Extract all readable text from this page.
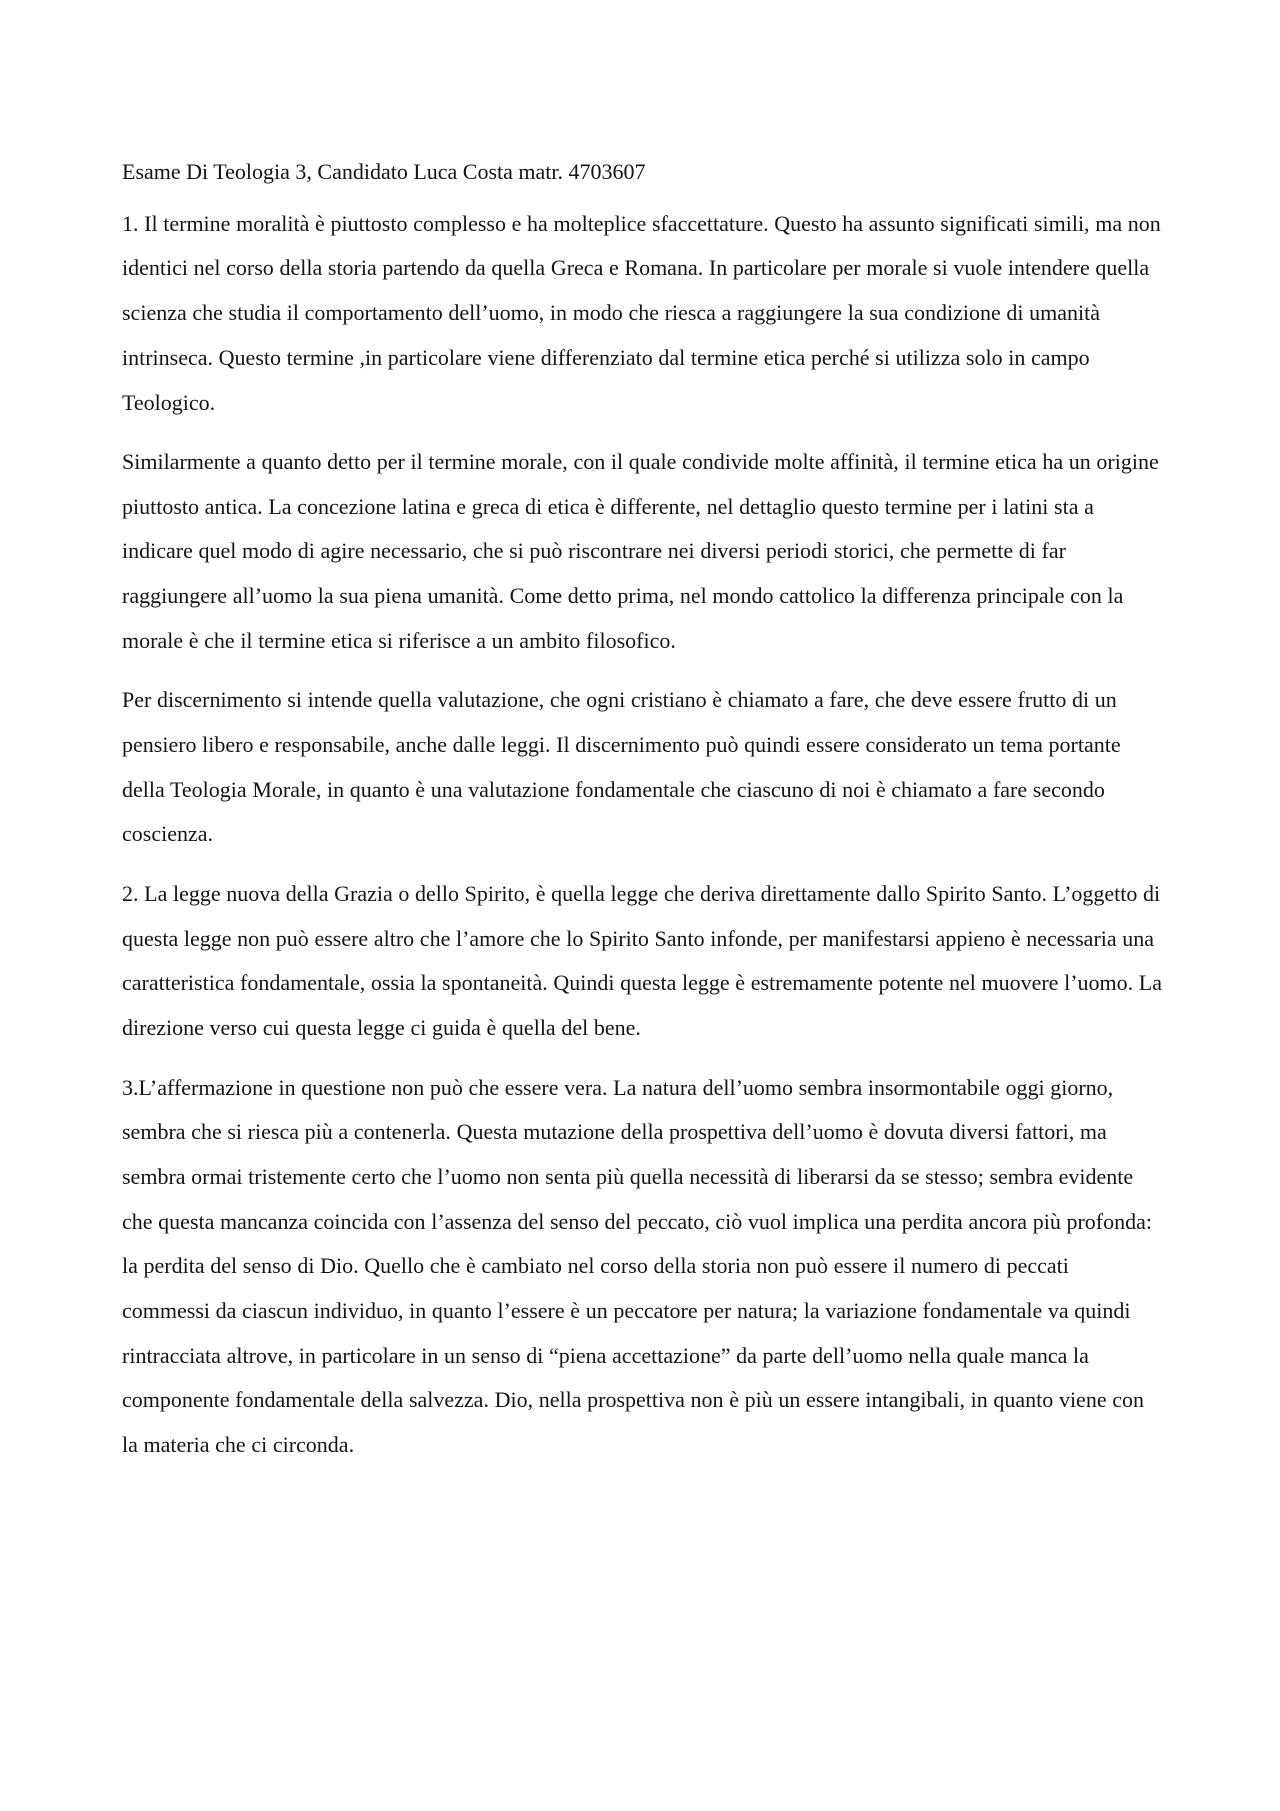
Esame Di Teologia 3, Candidato Luca Costa matr. 4703607

1. Il termine moralità è piuttosto complesso e ha molteplice sfaccettature. Questo ha assunto significati simili, ma non identici nel corso della storia partendo da quella Greca e Romana. In particolare per morale si vuole intendere quella scienza che studia il comportamento dell’uomo, in modo che riesca a raggiungere la sua condizione di umanità intrinseca. Questo termine ,in particolare viene differenziato dal termine etica perché si utilizza solo in campo Teologico.

Similarmente a quanto detto per il termine morale, con il quale condivide molte affinità, il termine etica ha un origine piuttosto antica. La concezione latina e greca di etica è differente, nel dettaglio questo termine per i latini sta a indicare quel modo di agire necessario, che si può riscontrare nei diversi periodi storici, che permette di far raggiungere all’uomo la sua piena umanità. Come detto prima, nel mondo cattolico la differenza principale con la morale è che il termine etica si riferisce a un ambito filosofico.

Per discernimento si intende quella valutazione, che ogni cristiano è chiamato a fare, che deve essere frutto di un pensiero libero e responsabile, anche dalle leggi. Il discernimento può quindi essere considerato un tema portante della Teologia Morale, in quanto è una valutazione fondamentale che ciascuno di noi è chiamato a fare secondo coscienza.

2. La legge nuova della Grazia o dello Spirito, è quella legge che deriva direttamente dallo Spirito Santo. L’oggetto di questa legge non può essere altro che l’amore che lo Spirito Santo infonde, per manifestarsi appieno è necessaria una caratteristica fondamentale, ossia la spontaneità. Quindi questa legge è estremamente potente nel muovere l’uomo. La direzione verso cui questa legge ci guida è quella del bene.

3.L’affermazione in questione non può che essere vera. La natura dell’uomo sembra insormontabile oggi giorno, sembra che si riesca più a contenerla. Questa mutazione della prospettiva dell’uomo è dovuta diversi fattori, ma sembra ormai tristemente certo che l’uomo non senta più quella necessità di liberarsi da se stesso; sembra evidente che questa mancanza coincida con l’assenza del senso del peccato, ciò vuol implica una perdita ancora più profonda: la perdita del senso di Dio. Quello che è cambiato nel corso della storia non può essere il numero di peccati commessi da ciascun individuo, in quanto l’essere è un peccatore per natura; la variazione fondamentale va quindi rintracciata altrove, in particolare in un senso di “piena accettazione” da parte dell’uomo nella quale manca la componente fondamentale della salvezza. Dio, nella prospettiva non è più un essere intangibali, in quanto viene con la materia che ci circonda.
